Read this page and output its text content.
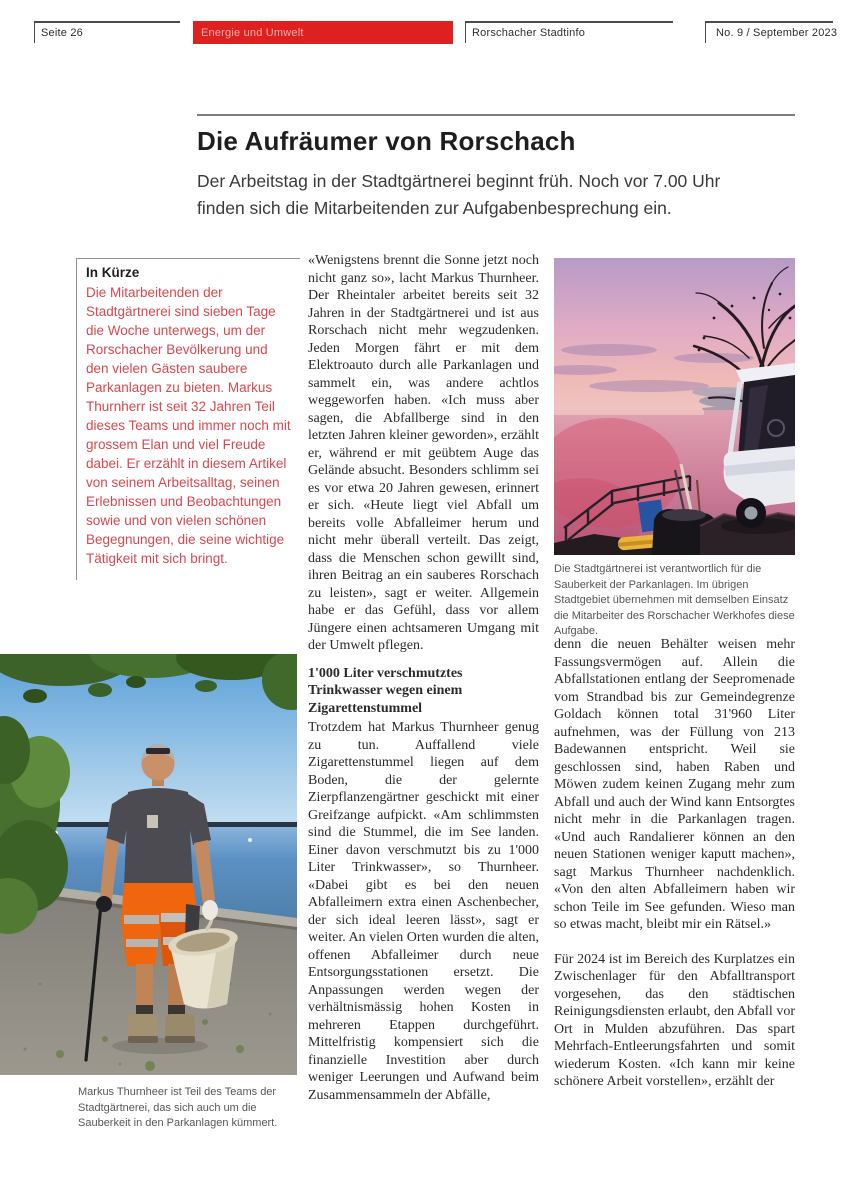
Seite 26	Energie und Umwelt	Rorschacher Stadtinfo	No. 9 / September 2023
Die Aufräumer von Rorschach

Der Arbeitstag in der Stadtgärtnerei beginnt früh. Noch vor 7.00 Uhr finden sich die Mitarbeitenden zur Aufgabenbesprechung ein.

In Kürze

Die Mitarbeitenden der Stadtgärtnerei sind sieben Tage die Woche unterwegs, um der Rorschacher Bevölkerung und den vielen Gästen saubere Parkanlagen zu bieten. Markus Thurnherr ist seit 32 Jahren Teil dieses Teams und immer noch mit grossem Elan und viel Freude dabei. Er erzählt in diesem Artikel von seinem Arbeitsalltag, seinen Erlebnissen und Beobachtungen sowie und von vielen schönen Begegnungen, die seine wichtige Tätigkeit mit sich bringt.

Markus Thurnheer ist Teil des Teams der Stadtgärtnerei, das sich auch um die Sauberkeit in den Parkanlagen kümmert.

«Wenigstens brennt die Sonne jetzt noch nicht ganz so», lacht Markus Thurnheer. Der Rheintaler arbeitet bereits seit 32 Jahren in der Stadtgärtnerei und ist aus Rorschach nicht mehr wegzudenken. Jeden Morgen fährt er mit dem Elektroauto durch alle Parkanlagen und sammelt ein, was andere achtlos weggeworfen haben. «Ich muss aber sagen, die Abfallberge sind in den letzten Jahren kleiner geworden», erzählt er, während er mit geübtem Auge das Gelände absucht. Besonders schlimm sei es vor etwa 20 Jahren gewesen, erinnert er sich. «Heute liegt viel Abfall um bereits volle Abfalleimer herum und nicht mehr überall verteilt. Das zeigt, dass die Menschen schon gewillt sind, ihren Beitrag an ein sauberes Rorschach zu leisten», sagt er weiter. Allgemein habe er das Gefühl, dass vor allem Jüngere einen achtsameren Umgang mit der Umwelt pflegen.

1'000 Liter verschmutztes Trinkwasser wegen einem Zigarettenstummel

Trotzdem hat Markus Thurnheer genug zu tun. Auffallend viele Zigarettenstummel liegen auf dem Boden, die der gelernte Zierpflanzengärtner geschickt mit einer Greifzange aufpickt. «Am schlimmsten sind die Stummel, die im See landen. Einer davon verschmutzt bis zu 1'000 Liter Trinkwasser», so Thurnheer. «Dabei gibt es bei den neuen Abfalleimern extra einen Aschenbecher, der sich ideal leeren lässt», sagt er weiter. An vielen Orten wurden die alten, offenen Abfalleimer durch neue Entsorgungsstationen ersetzt. Die Anpassungen werden wegen der verhältnismässig hohen Kosten in mehreren Etappen durchgeführt. Mittelfristig kompensiert sich die finanzielle Investition aber durch weniger Leerungen und Aufwand beim Zusammensammeln der Abfälle,

Die Stadtgärtnerei ist verantwortlich für die Sauberkeit der Parkanlagen. Im übrigen Stadtgebiet übernehmen mit demselben Einsatz die Mitarbeiter des Rorschacher Werkhofes diese Aufgabe.

denn die neuen Behälter weisen mehr Fassungsvermögen auf. Allein die Abfallstationen entlang der Seepromenade vom Strandbad bis zur Gemeindegrenze Goldach können total 31'960 Liter aufnehmen, was der Füllung von 213 Badewannen entspricht. Weil sie geschlossen sind, haben Raben und Möwen zudem keinen Zugang mehr zum Abfall und auch der Wind kann Entsorgtes nicht mehr in die Parkanlagen tragen. «Und auch Randalierer können an den neuen Stationen weniger kaputt machen», sagt Markus Thurnheer nachdenklich. «Von den alten Abfalleimern haben wir schon Teile im See gefunden. Wieso man so etwas macht, bleibt mir ein Rätsel.»

Für 2024 ist im Bereich des Kurplatzes ein Zwischenlager für den Abfalltransport vorgesehen, das den städtischen Reinigungsdiensten erlaubt, den Abfall vor Ort in Mulden abzuführen. Das spart Mehrfach-Entleerungsfahrten und somit wiederum Kosten. «Ich kann mir keine schönere Arbeit vorstellen», erzählt der
